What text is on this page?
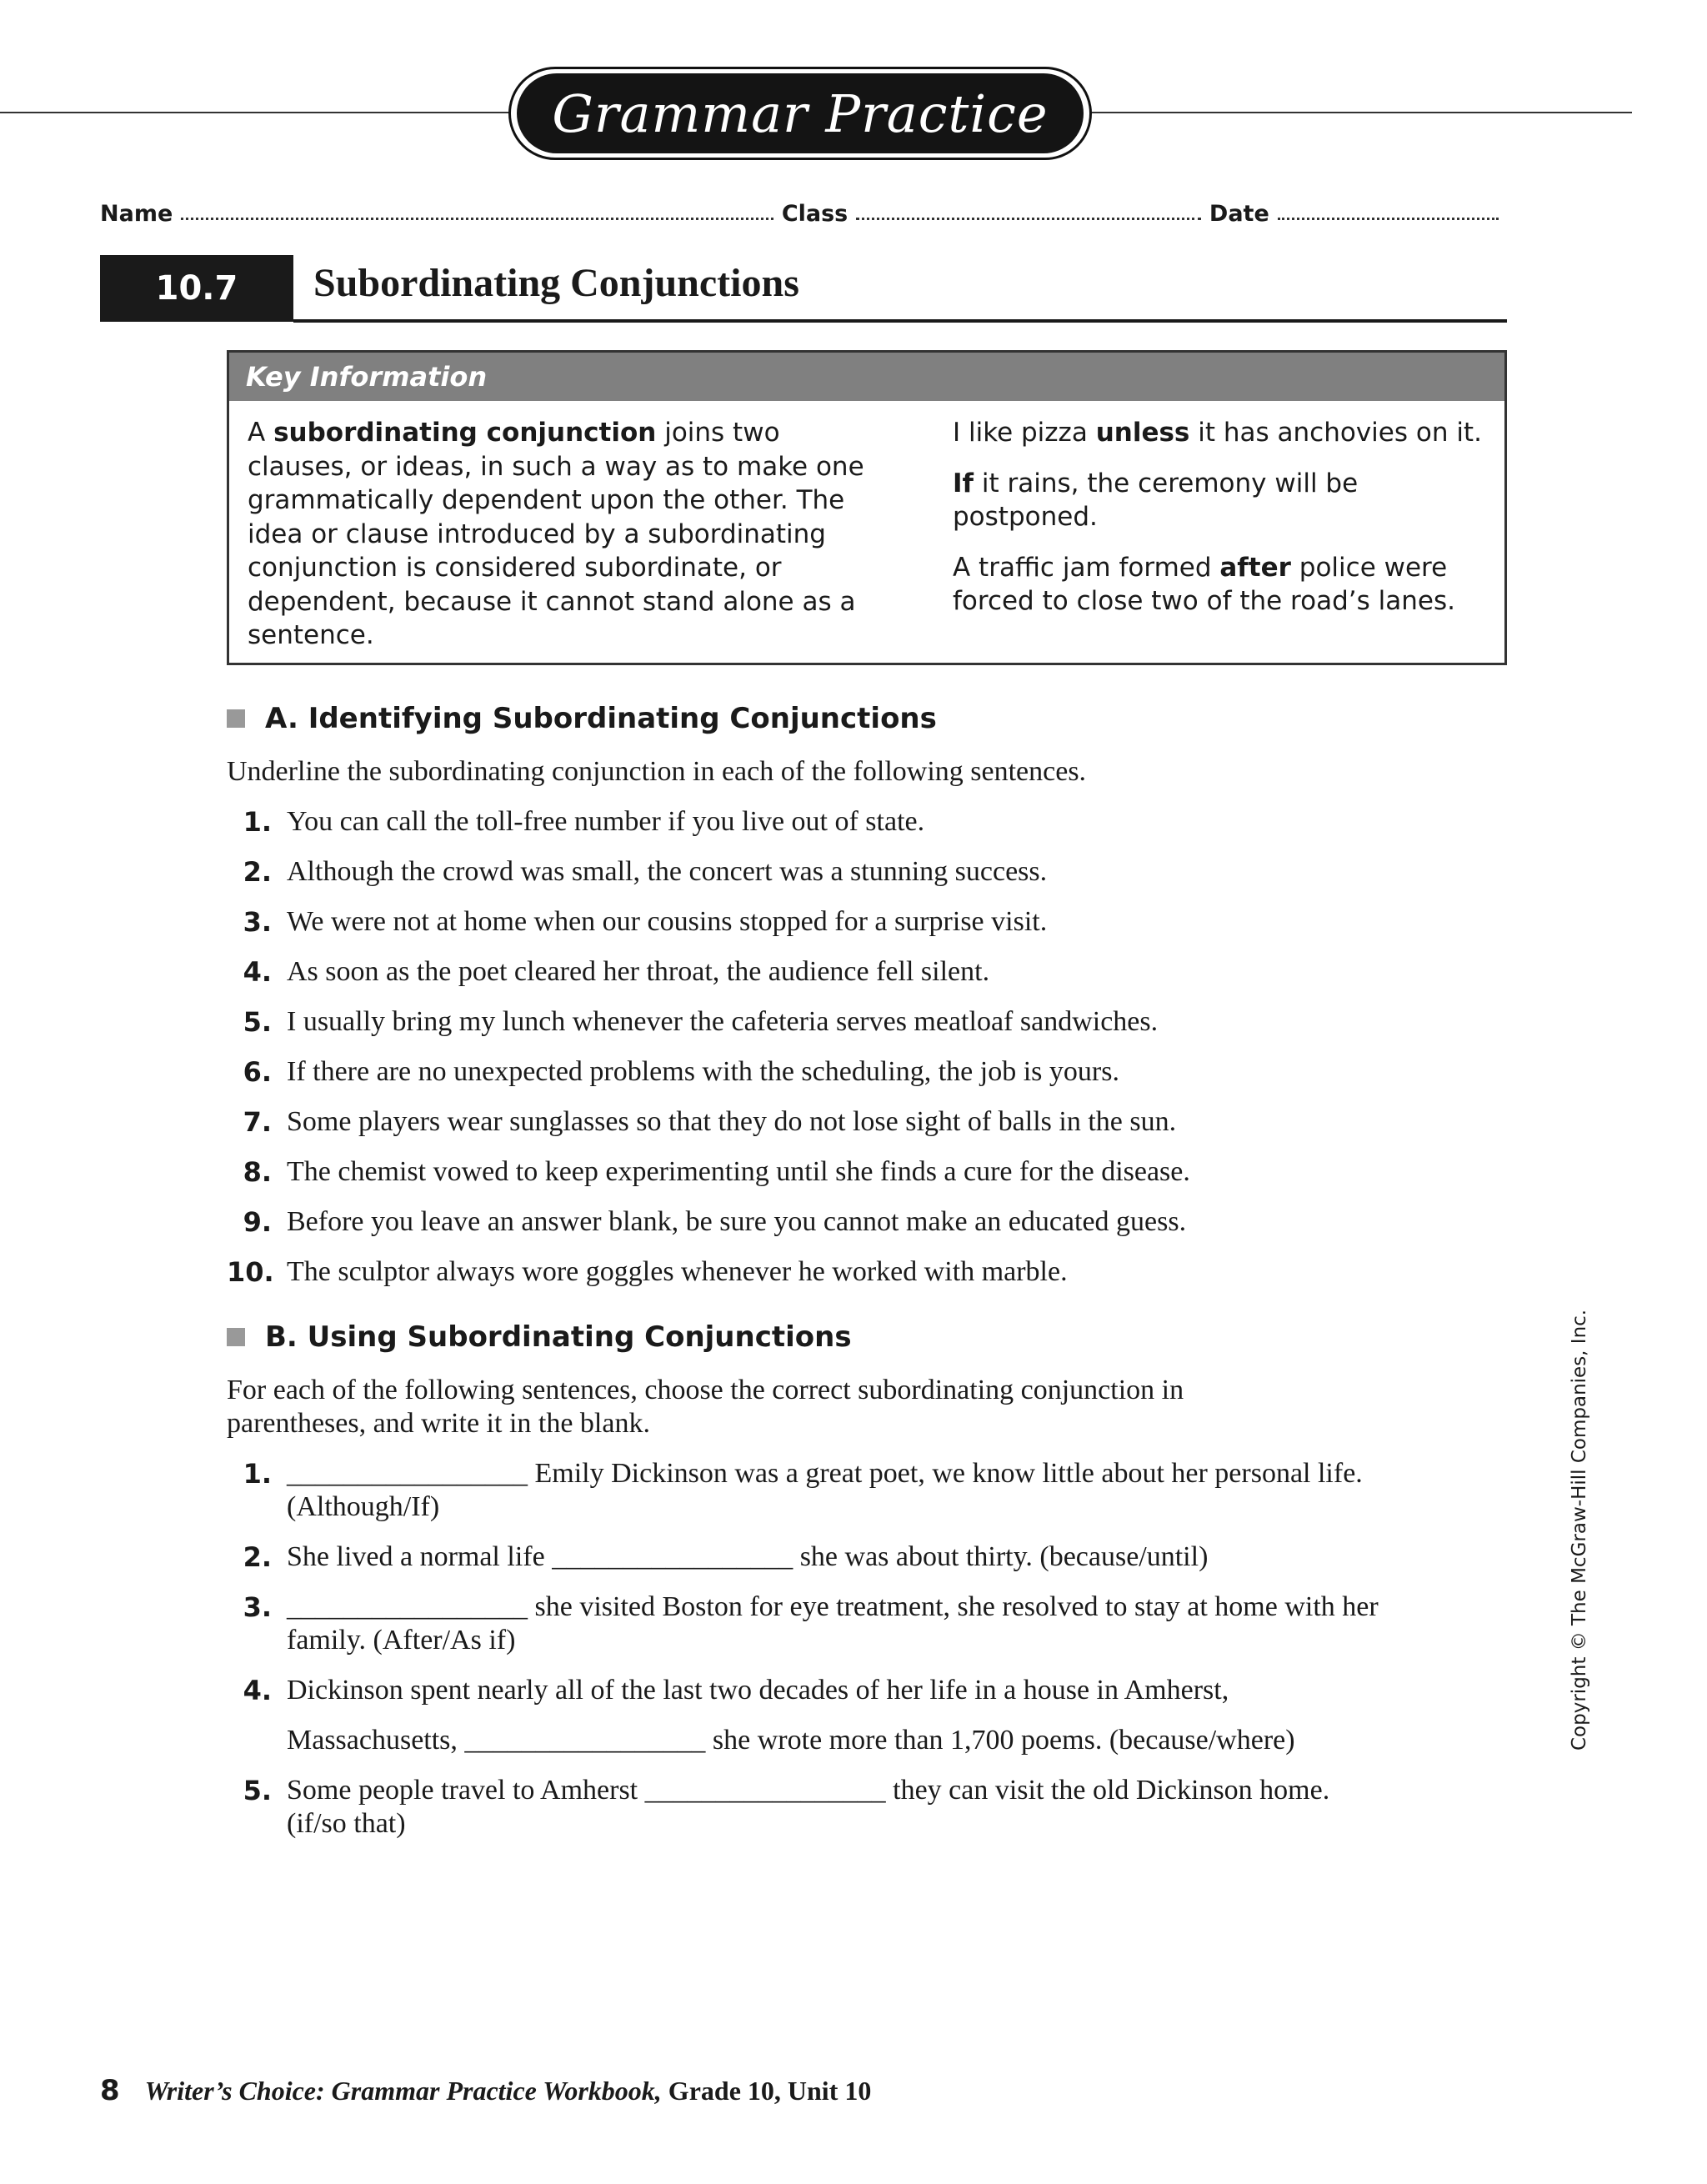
Grammar Practice
Name	Class	Date
10.7	Subordinating Conjunctions
Key Information
A subordinating conjunction joins two clauses, or ideas, in such a way as to make one grammatically dependent upon the other. The idea or clause introduced by a subordinating conjunction is considered subordinate, or dependent, because it cannot stand alone as a sentence.

I like pizza unless it has anchovies on it.

If it rains, the ceremony will be postponed.

A traffic jam formed after police were forced to close two of the road’s lanes.

A. Identifying Subordinating Conjunctions
Underline the subordinating conjunction in each of the following sentences.
1. You can call the toll-free number if you live out of state.
2. Although the crowd was small, the concert was a stunning success.
3. We were not at home when our cousins stopped for a surprise visit.
4. As soon as the poet cleared her throat, the audience fell silent.
5. I usually bring my lunch whenever the cafeteria serves meatloaf sandwiches.
6. If there are no unexpected problems with the scheduling, the job is yours.
7. Some players wear sunglasses so that they do not lose sight of balls in the sun.
8. The chemist vowed to keep experimenting until she finds a cure for the disease.
9. Before you leave an answer blank, be sure you cannot make an educated guess.
10. The sculptor always wore goggles whenever he worked with marble.
B. Using Subordinating Conjunctions
For each of the following sentences, choose the correct subordinating conjunction in parentheses, and write it in the blank.
1. _________________ Emily Dickinson was a great poet, we know little about her personal life. (Although/If)
2. She lived a normal life _________________ she was about thirty. (because/until)
3. _________________ she visited Boston for eye treatment, she resolved to stay at home with her family. (After/As if)
4. Dickinson spent nearly all of the last two decades of her life in a house in Amherst,
Massachusetts, _________________ she wrote more than 1,700 poems. (because/where)
5. Some people travel to Amherst _________________ they can visit the old Dickinson home. (if/so that)
Copyright © The McGraw-Hill Companies, Inc.
8 Writer’s Choice: Grammar Practice Workbook, Grade 10, Unit 10
